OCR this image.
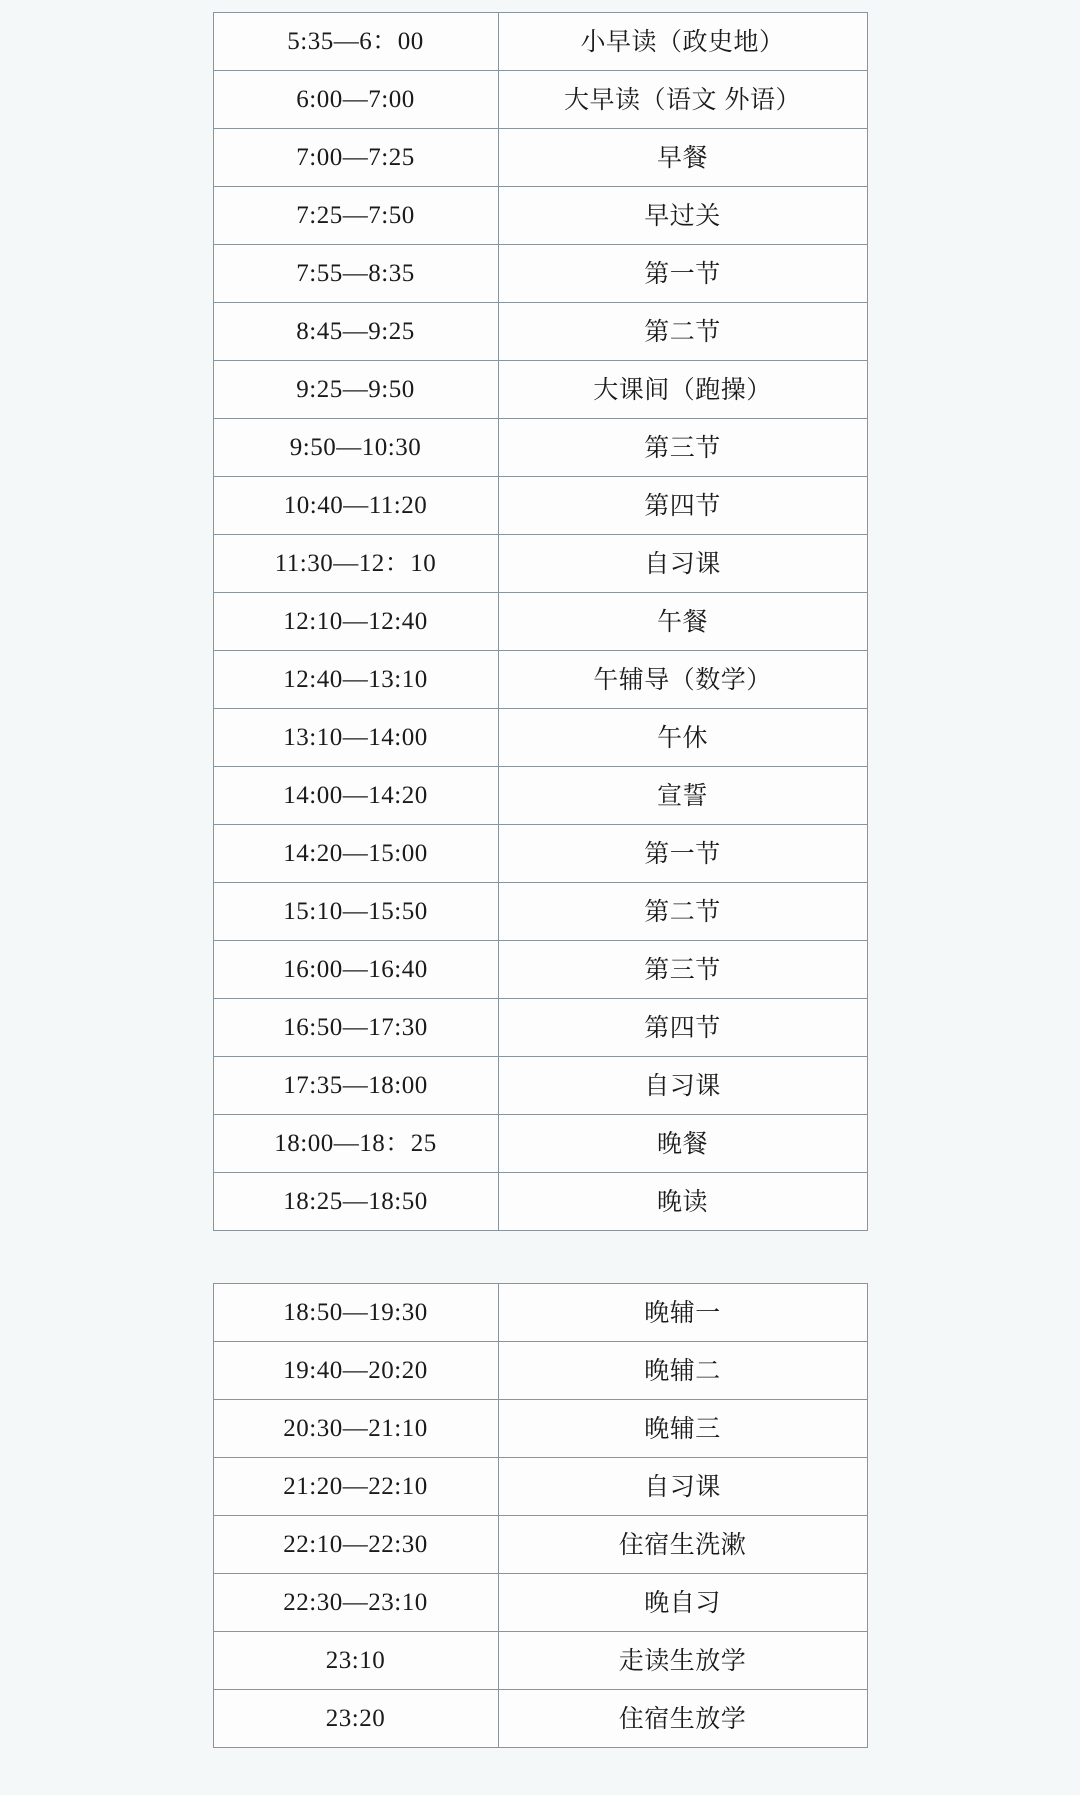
5:35—6：00	小早读（政史地）
6:00—7:00	大早读（语文 外语）
7:00—7:25	早餐
7:25—7:50	早过关
7:55—8:35	第一节
8:45—9:25	第二节
9:25—9:50	大课间（跑操）
9:50—10:30	第三节
10:40—11:20	第四节
11:30—12：10	自习课
12:10—12:40	午餐
12:40—13:10	午辅导（数学）
13:10—14:00	午休
14:00—14:20	宣誓
14:20—15:00	第一节
15:10—15:50	第二节
16:00—16:40	第三节
16:50—17:30	第四节
17:35—18:00	自习课
18:00—18：25	晚餐
18:25—18:50	晚读
18:50—19:30	晚辅一
19:40—20:20	晚辅二
20:30—21:10	晚辅三
21:20—22:10	自习课
22:10—22:30	住宿生洗漱
22:30—23:10	晚自习
23:10	走读生放学
23:20	住宿生放学
